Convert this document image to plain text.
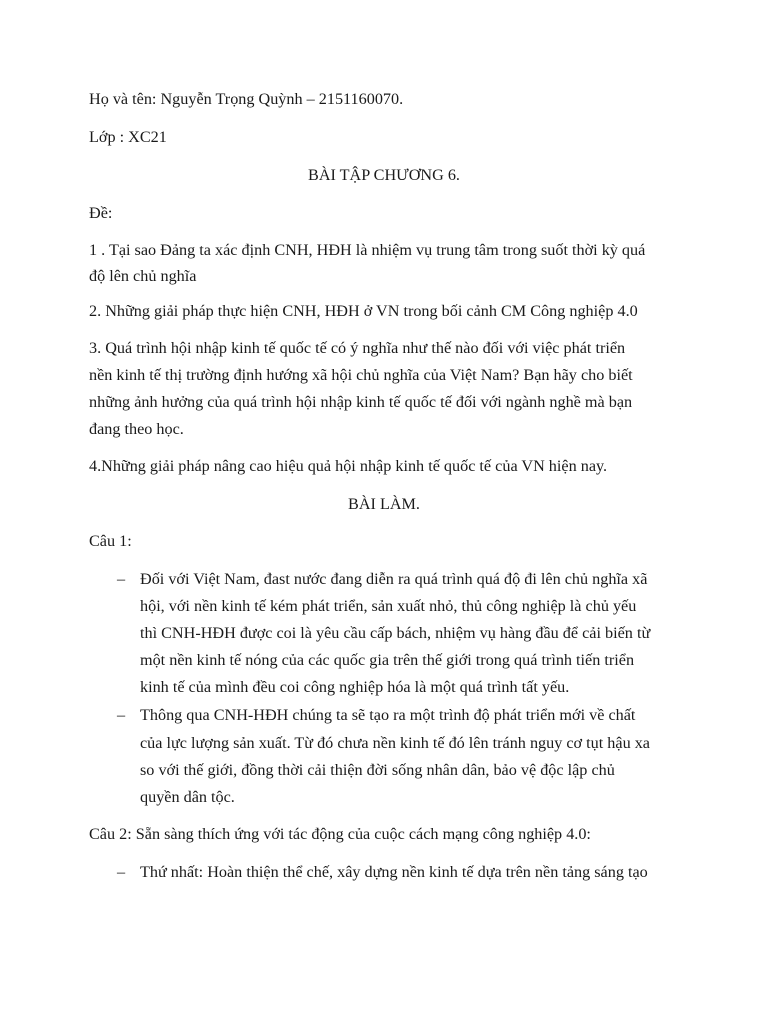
Họ và tên: Nguyễn Trọng Quỳnh – 2151160070.
Lớp : XC21
BÀI TẬP CHƯƠNG 6.
Đề:
1 . Tại sao Đảng ta xác định CNH, HĐH là nhiệm vụ trung tâm trong suốt thời kỳ quá
độ lên chủ nghĩa
2. Những giải pháp thực hiện CNH, HĐH ở VN trong bối cảnh CM Công nghiệp 4.0
3. Quá trình hội nhập kinh tế quốc tế có ý nghĩa như thế nào đối với việc phát triển
nền kinh tế thị trường định hướng xã hội chủ nghĩa của Việt Nam? Bạn hãy cho biết
những ảnh hưởng của quá trình hội nhập kinh tế quốc tế đối với ngành nghề mà bạn
đang theo học.
4.Những giải pháp nâng cao hiệu quả hội nhập kinh tế quốc tế của VN hiện nay.
BÀI LÀM.
Câu 1:
– Đối với Việt Nam, đast nước đang diễn ra quá trình quá độ đi lên chủ nghĩa xã
hội, với nền kinh tế kém phát triển, sản xuất nhỏ, thủ công nghiệp là chủ yếu
thì CNH-HĐH được coi là yêu cầu cấp bách, nhiệm vụ hàng đầu để cải biến từ
một nền kinh tế nóng của các quốc gia trên thế giới trong quá trình tiến triển
kinh tế của mình đều coi công nghiệp hóa là một quá trình tất yếu.
– Thông qua CNH-HĐH chúng ta sẽ tạo ra một trình độ phát triển mới về chất
của lực lượng sản xuất. Từ đó chưa nền kinh tế đó lên tránh nguy cơ tụt hậu xa
so với thế giới, đồng thời cải thiện đời sống nhân dân, bảo vệ độc lập chủ
quyền dân tộc.
Câu 2: Sẵn sàng thích ứng với tác động của cuộc cách mạng công nghiệp 4.0:
– Thứ nhất: Hoàn thiện thể chế, xây dựng nền kinh tế dựa trên nền tảng sáng tạo
